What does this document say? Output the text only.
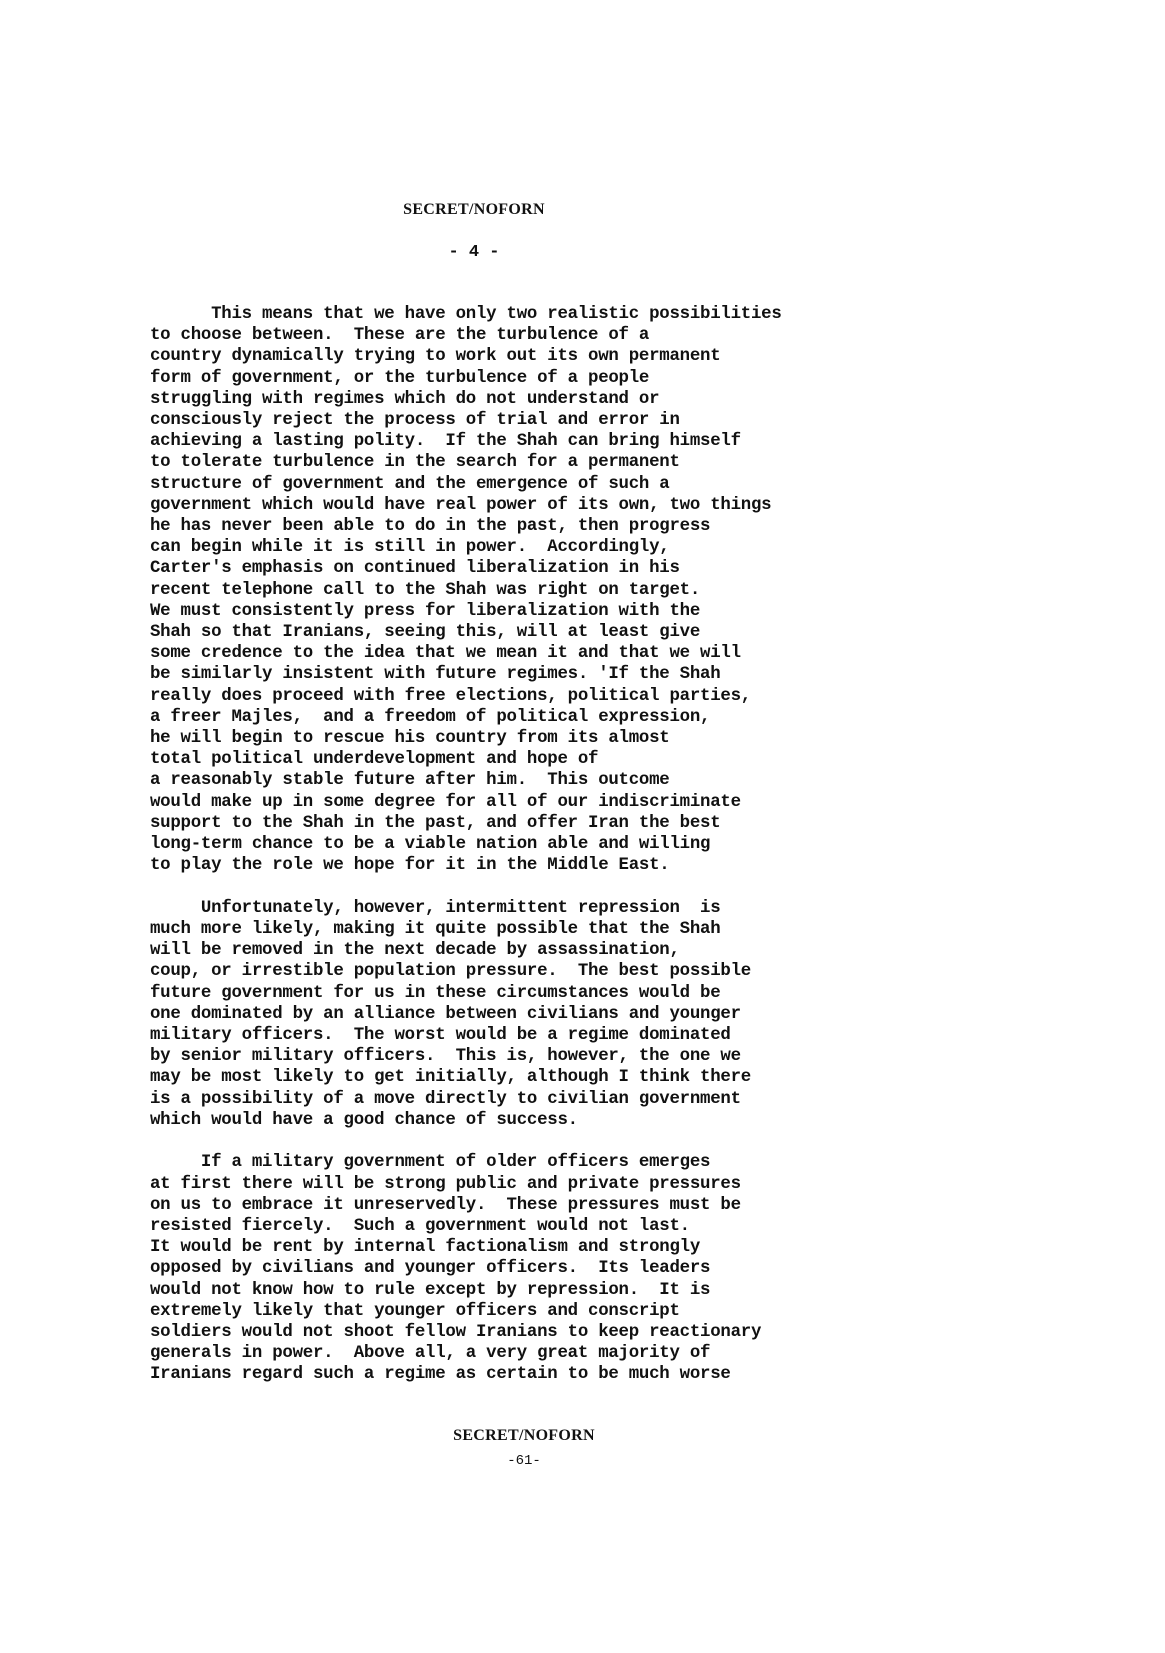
SECRET/NOFORN
- 4 -
This means that we have only two realistic possibilities
to choose between.  These are the turbulence of a
country dynamically trying to work out its own permanent
form of government, or the turbulence of a people
struggling with regimes which do not understand or
consciously reject the process of trial and error in
achieving a lasting polity.  If the Shah can bring himself
to tolerate turbulence in the search for a permanent
structure of government and the emergence of such a
government which would have real power of its own, two things
he has never been able to do in the past, then progress
can begin while it is still in power.  Accordingly,
Carter's emphasis on continued liberalization in his
recent telephone call to the Shah was right on target.
We must consistently press for liberalization with the
Shah so that Iranians, seeing this, will at least give
some credence to the idea that we mean it and that we will
be similarly insistent with future regimes. 'If the Shah
really does proceed with free elections, political parties,
a freer Majles,  and a freedom of political expression,
he will begin to rescue his country from its almost
total political underdevelopment and hope of
a reasonably stable future after him.  This outcome
would make up in some degree for all of our indiscriminate
support to the Shah in the past, and offer Iran the best
long-term chance to be a viable nation able and willing
to play the role we hope for it in the Middle East.
Unfortunately, however, intermittent repression  is
much more likely, making it quite possible that the Shah
will be removed in the next decade by assassination,
coup, or irrestible population pressure.  The best possible
future government for us in these circumstances would be
one dominated by an alliance between civilians and younger
military officers.  The worst would be a regime dominated
by senior military officers.  This is, however, the one we
may be most likely to get initially, although I think there
is a possibility of a move directly to civilian government
which would have a good chance of success.
If a military government of older officers emerges
at first there will be strong public and private pressures
on us to embrace it unreservedly.  These pressures must be
resisted fiercely.  Such a government would not last.
It would be rent by internal factionalism and strongly
opposed by civilians and younger officers.  Its leaders
would not know how to rule except by repression.  It is
extremely likely that younger officers and conscript
soldiers would not shoot fellow Iranians to keep reactionary
generals in power.  Above all, a very great majority of
Iranians regard such a regime as certain to be much worse
SECRET/NOFORN
-61-
